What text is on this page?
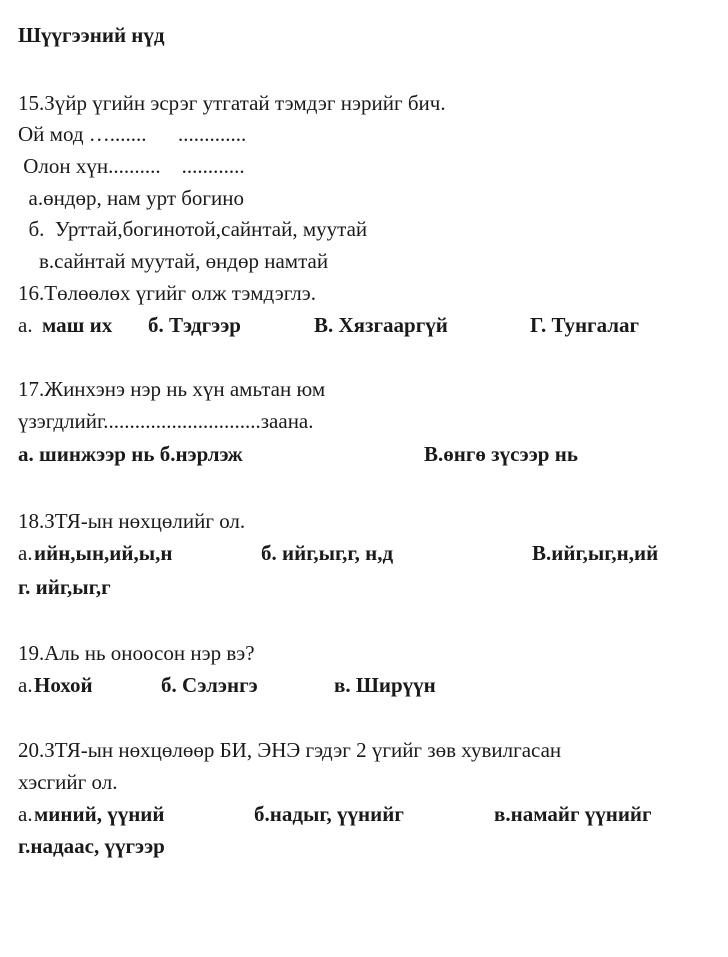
Шүүгээний нүд
15.Зүйр үгийн эсрэг утгатай тэмдэг нэрийг бич.
Ой мод ….......      .............
Олон хүн..........    ............
а.өндөр, нам урт богино
б.  Урттай,богинотой,сайнтай, муутай
в.сайнтай муутай, өндөр намтай
16.Төлөөлөх үгийг олж тэмдэглэ.

а.

маш их

б. Тэдгээр

	В. Хязгааргүй

	Г. Тунгалаг

17.Жинхэнэ нэр нь хүн амьтан юм
үзэгдлийг..............................заана.

а. шинжээр нь б.нэрлэж

	В.өнгө зүсээр нь

18.ЗТЯ-ын нөхцөлийг ол.

а.

ийн,ын,ий,ы,н

	б. ийг,ыг,г, н,д

	В.ийг,ыг,н,ий

г. ийг,ыг,г
19.Аль нь оноосон нэр вэ?

а.

Нохой

	б. Сэлэнгэ

	в. Ширүүн

20.ЗТЯ-ын нөхцөлөөр БИ, ЭНЭ гэдэг 2 үгийг зөв хувилгасан
хэсгийг ол.

а.

миний, үүний

	б.надыг, үүнийг

	в.намайг үүнийг

г.надаас, үүгээр
